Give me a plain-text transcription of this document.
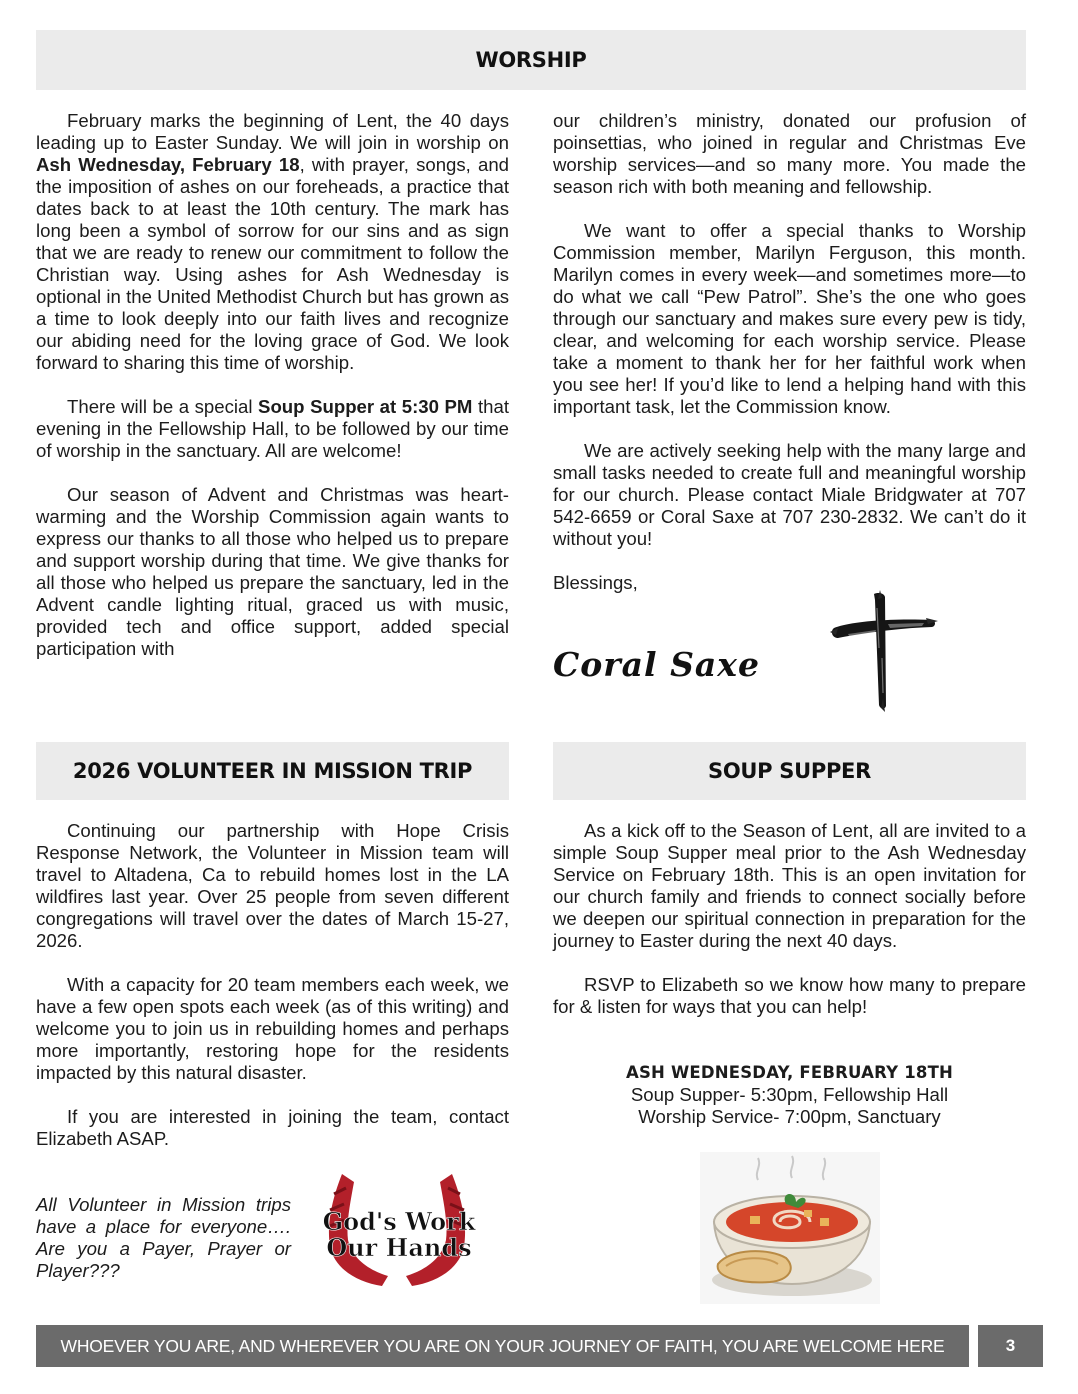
WORSHIP

February marks the beginning of Lent, the 40 days leading up to Easter Sunday. We will join in worship on Ash Wednesday, February 18, with prayer, songs, and the imposition of ashes on our foreheads, a practice that dates back to at least the 10th century. The mark has long been a symbol of sorrow for our sins and as sign that we are ready to renew our commitment to follow the Christian way. Using ashes for Ash Wednesday is optional in the United Methodist Church but has grown as a time to look deeply into our faith lives and recognize our abiding need for the loving grace of God. We look forward to sharing this time of worship.

There will be a special Soup Supper at 5:30 PM that evening in the Fellowship Hall, to be followed by our time of worship in the sanctuary. All are welcome!

Our season of Advent and Christmas was heart-warming and the Worship Commission again wants to express our thanks to all those who helped us to prepare and support worship during that time. We give thanks for all those who helped us prepare the sanctuary, led in the Advent candle lighting ritual, graced us with music, provided tech and office support, added special participation with

our children’s ministry, donated our profusion of poinsettias, who joined in regular and Christmas Eve worship services—and so many more. You made the season rich with both meaning and fellowship.

We want to offer a special thanks to Worship Commission member, Marilyn Ferguson, this month. Marilyn comes in every week—and sometimes more—to do what we call “Pew Patrol”. She’s the one who goes through our sanctuary and makes sure every pew is tidy, clear, and welcoming for each worship service. Please take a moment to thank her for her faithful work when you see her! If you’d like to lend a helping hand with this important task, let the Commission know.

We are actively seeking help with the many large and small tasks needed to create full and meaningful worship for our church. Please contact Miale Bridgwater at 707 542-6659 or Coral Saxe at 707 230-2832. We can’t do it without you!

Blessings,

Coral Saxe
2026 VOLUNTEER IN MISSION TRIP

Continuing our partnership with Hope Crisis Response Network, the Volunteer in Mission team will travel to Altadena, Ca to rebuild homes lost in the LA wildfires last year. Over 25 people from seven different congregations will travel over the dates of March 15-27, 2026.

With a capacity for 20 team members each week, we have a few open spots each week (as of this writing) and welcome you to join us in rebuilding homes and perhaps more importantly, restoring hope for the residents impacted by this natural disaster.

If you are interested in joining the team, contact Elizabeth ASAP.

All Volunteer in Mission trips have a place for everyone…. Are you a Payer, Prayer or Player???
God's Work
Our Hands
SOUP SUPPER

As a kick off to the Season of Lent, all are invited to a simple Soup Supper meal prior to the Ash Wednesday Service on February 18th. This is an open invitation for our church family and friends to connect socially before we deepen our spiritual connection in preparation for the journey to Easter during the next 40 days.

RSVP to Elizabeth so we know how many to prepare for & listen for ways that you can help!

ASH WEDNESDAY, FEBRUARY 18TH
Soup Supper- 5:30pm, Fellowship Hall
Worship Service- 7:00pm, Sanctuary
WHOEVER YOU ARE, AND WHEREVER YOU ARE ON YOUR JOURNEY OF FAITH, YOU ARE WELCOME HERE	3
